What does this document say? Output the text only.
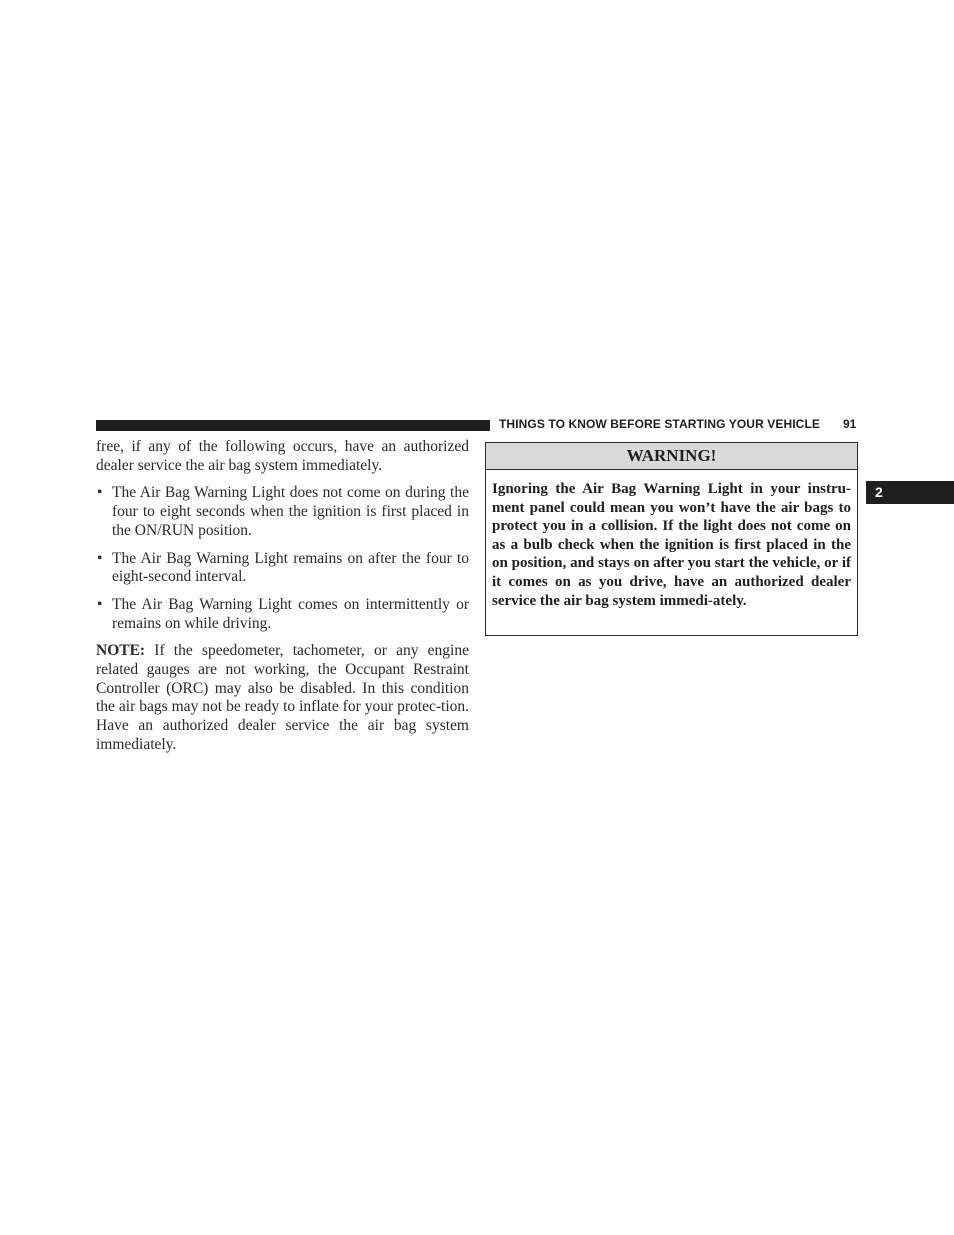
THINGS TO KNOW BEFORE STARTING YOUR VEHICLE	91
2

free, if any of the following occurs, have an authorized dealer service the air bag system immediately.

• The Air Bag Warning Light does not come on during the four to eight seconds when the ignition is first placed in the ON/RUN position.
• The Air Bag Warning Light remains on after the four to eight-second interval.
• The Air Bag Warning Light comes on intermittently or remains on while driving.

NOTE: If the speedometer, tachometer, or any engine related gauges are not working, the Occupant Restraint Controller (ORC) may also be disabled. In this condition the air bags may not be ready to inflate for your protec-tion. Have an authorized dealer service the air bag system immediately.

WARNING!
Ignoring the Air Bag Warning Light in your instru-ment panel could mean you won’t have the air bags to protect you in a collision. If the light does not come on as a bulb check when the ignition is first placed in the on position, and stays on after you start the vehicle, or if it comes on as you drive, have an authorized dealer service the air bag system immedi-ately.
